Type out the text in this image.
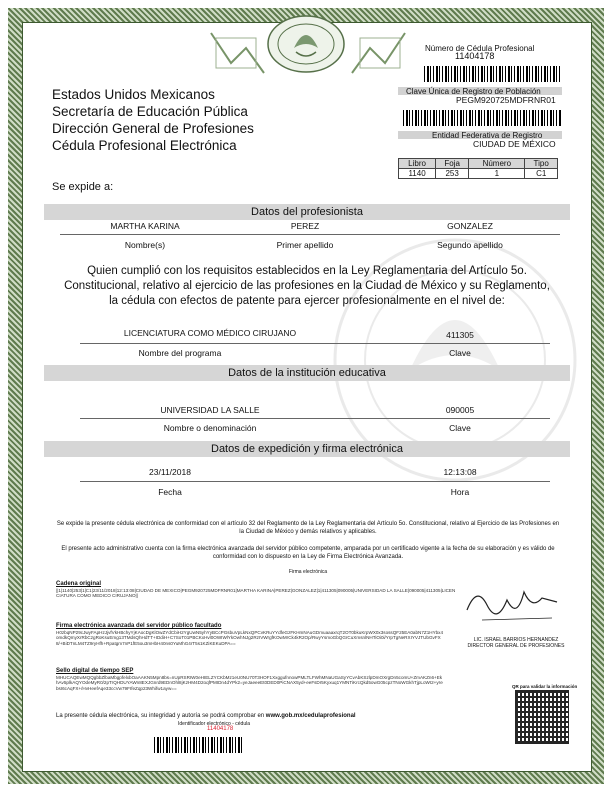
Número de Cédula Profesional
11404178
Clave Única de Registro de Población
PEGM920725MDFRNR01
Entidad Federativa de Registro
CIUDAD DE MÉXICO
Libro	Foja	Número	Tipo
1140	253	1	C1
Estados Unidos Mexicanos
Secretaría de Educación Pública
Dirección General de Profesiones
Cédula Profesional Electrónica
Se expide a:
Datos del profesionista
MARTHA KARINA	PEREZ	GONZALEZ
Nombre(s)	Primer apellido	Segundo apellido
Quien cumplió con los requisitos establecidos en la Ley Reglamentaria del Artículo 5o.
Constitucional, relativo al ejercicio de las profesiones en la Ciudad de México y su Reglamento,
la cédula con efectos de patente para ejercer profesionalmente en el nivel de:
LICENCIATURA COMO MÉDICO CIRUJANO	411305
Nombre del programa	Clave
Datos de la institución educativa
UNIVERSIDAD LA SALLE	090005
Nombre o denominación	Clave
Datos de expedición y firma electrónica
23/11/2018	12:13:08
Fecha	Hora
Se expide la presente cédula electrónica de conformidad con el artículo 32 del Reglamento de la Ley Reglamentaria del Artículo 5o. Constitucional, relativo al Ejercicio de las Profesiones en la Ciudad de México y demás relativos y aplicables.
El presente acto administrativo cuenta con la firma electrónica avanzada del servidor público competente, amparada por un certificado vigente a la fecha de su elaboración y es válido de conformidad con lo dispuesto en la Ley de Firma Electrónica Avanzada.
Firma electrónica
Cadena original
||1|1140|253|1|C1|23/11/2018|12:13:08|CIUDAD DE MEXICO|PEGM920725MDFRNR01|MARTHA KARINA|PEREZ|GONZALEZ|1|411305|090005|UNIVERSIDAD LA SALLE|090005|411305|LICENCIATURA COMO MEDICO CIRUJANO||
Firma electrónica avanzada del servidor público facultado
H0zbqNP29cJwyFApHzJjvfVkHBchyYjKAocDgKlOwZYdCbiH2YgUwN5yhYyBCcPGsbuVpLkNxQPCvKRuYYdfeGzFKHmNAuGDmuaaaxrqT2OT0bkuKrpWX0x3sossQF25EA0abN7Z1HYbx4omdkQmyXrRbCzgRoKsuEmg13TMdsQhHdTT+IDdiH+C7SoT01PBCKxHvl0OWIWlYkOwhNJg2RzIVWrgfKOwMrCk4kR2Op/RwyYsmoGbQGrCuXmsnlNHTiOi0i/YrpTgNeRXIYVJTUbGvFX8/+BiDTnLM4TZ9ryHfh+Rpatgm7nP1fE5ou3mHbH40ns0YuMhG4rT5s1KZiKEKuDPA==
Sello digital de tiempo SEP
MHUCAQEwMQQgbbZlbaMbgpfelxbOaAAKN5Mpn8bs=nUpRSRIW0eHIELZYCKbMz1eU0NU70T3HOF1XxggufnnowPMLTLFWhMNaUGaSyYCvAbKSzlpDmOXrgDn5comU+ZmAKZn6+EkhAv5plkAQYOdeMyR0/2pTrQHDUYAWn8EXJGnrd9EDnOhl8jKzHM4D2oqfPMIDn4dYPk2=yeJaeeeEt0DED0PiCNAX5yd+eeFsDr5Kyxuq1YMNTiKrcQkd5owG05cpzTNoWGkhTjpLoWI2+yrebsI6cAqFX+/HvHeefAqe33ccVw79FIfeZqp23Whifw1ayw==
LIC. ISRAEL BARRIOS HERNANDEZ
DIRECTOR GENERAL DE PROFESIONES
La presente cédula electrónica, su integridad y autoría se podrá comprobar en www.gob.mx/cedulaprofesional
Identificador electrónico - cédula
11404178
QR para validar la información
